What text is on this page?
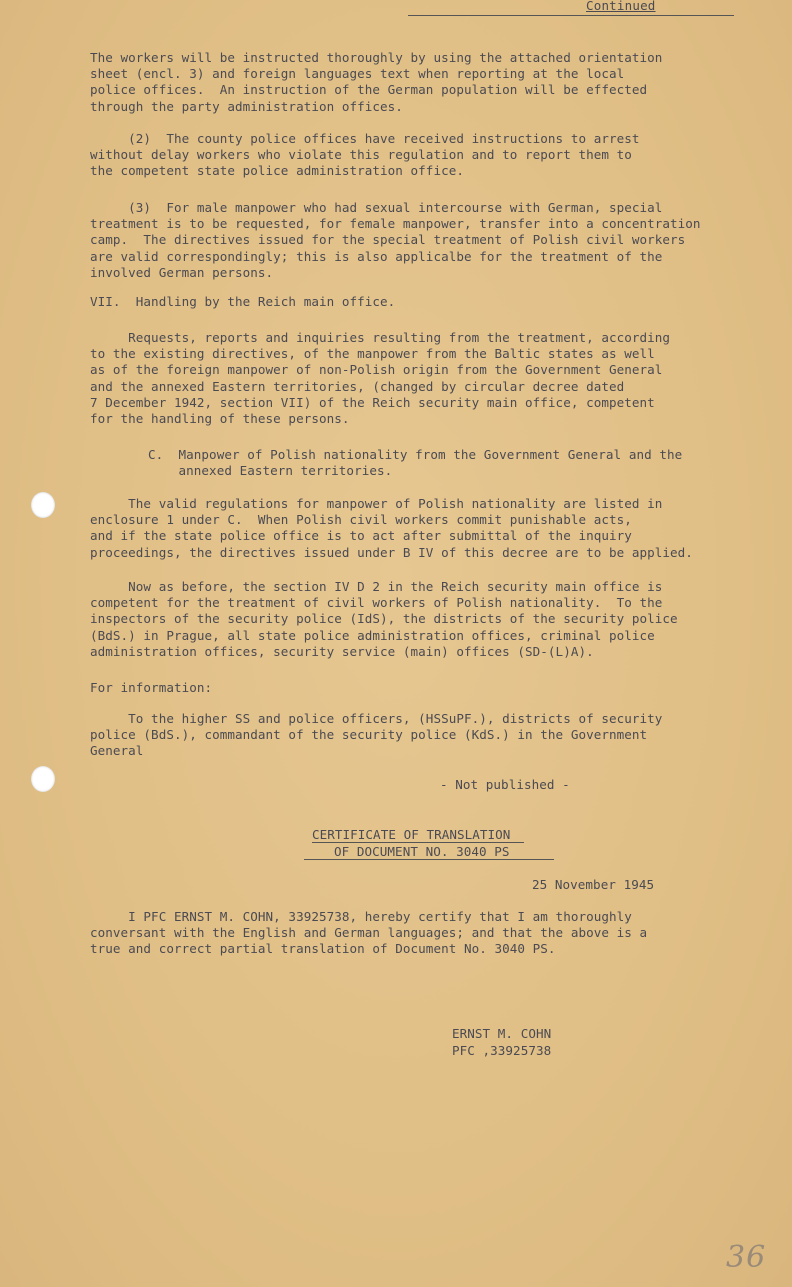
Continued
The workers will be instructed thoroughly by using the attached orientation
sheet (encl. 3) and foreign languages text when reporting at the local
police offices.  An instruction of the German population will be effected
through the party administration offices.
(2)  The county police offices have received instructions to arrest
without delay workers who violate this regulation and to report them to
the competent state police administration office.
(3)  For male manpower who had sexual intercourse with German, special
treatment is to be requested, for female manpower, transfer into a concentration
camp.  The directives issued for the special treatment of Polish civil workers
are valid correspondingly; this is also applicalbe for the treatment of the
involved German persons.
VII.  Handling by the Reich main office.
Requests, reports and inquiries resulting from the treatment, according
to the existing directives, of the manpower from the Baltic states as well
as of the foreign manpower of non-Polish origin from the Government General
and the annexed Eastern territories, (changed by circular decree dated
7 December 1942, section VII) of the Reich security main office, competent
for the handling of these persons.
C.  Manpower of Polish nationality from the Government General and the
annexed Eastern territories.
The valid regulations for manpower of Polish nationality are listed in
enclosure 1 under C.  When Polish civil workers commit punishable acts,
and if the state police office is to act after submittal of the inquiry
proceedings, the directives issued under B IV of this decree are to be applied.
Now as before, the section IV D 2 in the Reich security main office is
competent for the treatment of civil workers of Polish nationality.  To the
inspectors of the security police (IdS), the districts of the security police
(BdS.) in Prague, all state police administration offices, criminal police
administration offices, security service (main) offices (SD-(L)A).
For information:
To the higher SS and police officers, (HSSuPF.), districts of security
police (BdS.), commandant of the security police (KdS.) in the Government
General
- Not published -
CERTIFICATE OF TRANSLATION
OF DOCUMENT NO. 3040 PS
25 November 1945
I PFC ERNST M. COHN, 33925738, hereby certify that I am thoroughly
conversant with the English and German languages; and that the above is a
true and correct partial translation of Document No. 3040 PS.
ERNST M. COHN
PFC ,33925738
36
